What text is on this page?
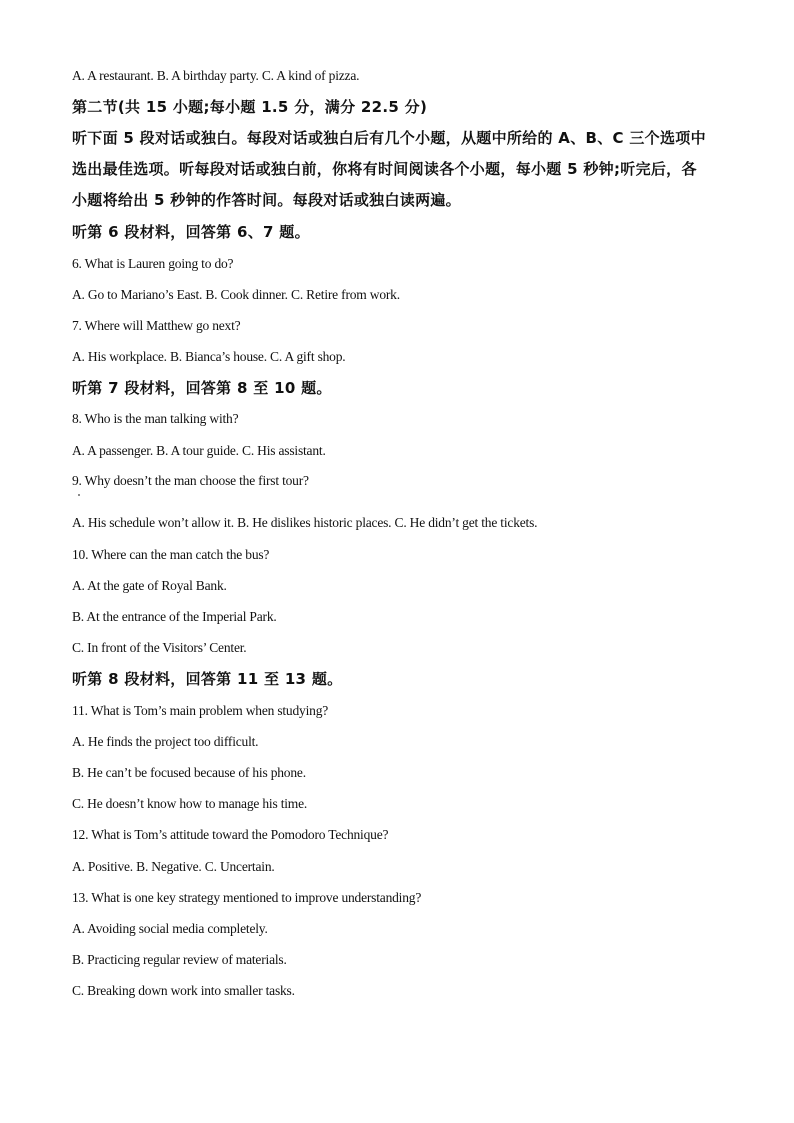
A. A restaurant. B. A birthday party. C. A kind of pizza.
第二节(共 15 小题;每小题 1.5 分，满分 22.5 分)
听下面 5 段对话或独白。每段对话或独白后有几个小题，从题中所给的 A、B、C 三个选项中
选出最佳选项。听每段对话或独白前，你将有时间阅读各个小题，每小题 5 秒钟;听完后，各
小题将给出 5 秒钟的作答时间。每段对话或独白读两遍。
听第 6 段材料，回答第 6、7 题。
6. What is Lauren going to do?
A. Go to Mariano’s East. B. Cook dinner. C. Retire from work.
7. Where will Matthew go next?
A. His workplace. B. Bianca’s house. C. A gift shop.
听第 7 段材料，回答第 8 至 10 题。
8. Who is the man talking with?
A. A passenger. B. A tour guide. C. His assistant.
9. Why doesn’t the man choose the first tour?
A. His schedule won’t allow it. B. He dislikes historic places. C. He didn’t get the tickets.
10. Where can the man catch the bus?
A. At the gate of Royal Bank.
B. At the entrance of the Imperial Park.
C. In front of the Visitors’ Center.
听第 8 段材料，回答第 11 至 13 题。
11. What is Tom’s main problem when studying?
A. He finds the project too difficult.
B. He can’t be focused because of his phone.
C. He doesn’t know how to manage his time.
12. What is Tom’s attitude toward the Pomodoro Technique?
A. Positive. B. Negative. C. Uncertain.
13. What is one key strategy mentioned to improve understanding?
A. Avoiding social media completely.
B. Practicing regular review of materials.
C. Breaking down work into smaller tasks.
